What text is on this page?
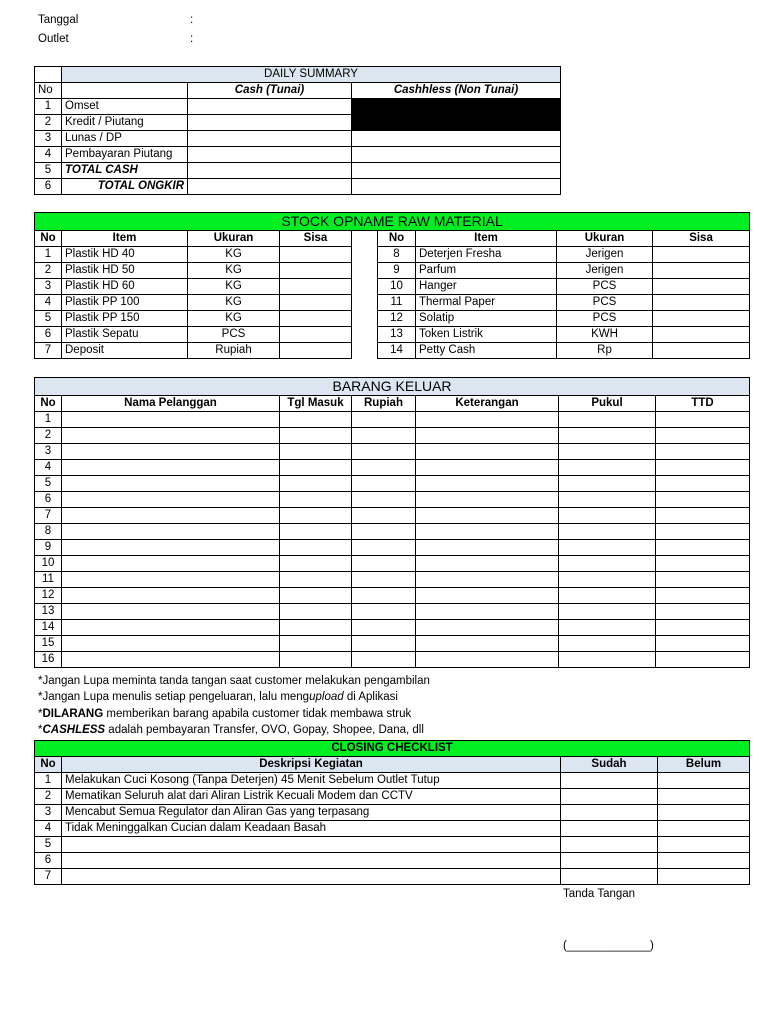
Tanggal	:
Outlet	:
	DAILY SUMMARY		
No		Cash (Tunai)	Cashhless (Non Tunai)
1	Omset		
2	Kredit / Piutang		
3	Lunas / DP		
4	Pembayaran Piutang		
5	TOTAL CASH		
6	TOTAL ONGKIR		
STOCK OPNAME RAW MATERIAL								
No	Item	Ukuran	Sisa		No	Item	Ukuran	Sisa
1	Plastik HD 40	KG			8	Deterjen Fresha	Jerigen	
2	Plastik HD 50	KG			9	Parfum	Jerigen	
3	Plastik HD 60	KG			10	Hanger	PCS	
4	Plastik PP 100	KG			11	Thermal Paper	PCS	
5	Plastik PP 150	KG			12	Solatip	PCS	
6	Plastik Sepatu	PCS			13	Token Listrik	KWH	
7	Deposit	Rupiah			14	Petty Cash	Rp	
BARANG KELUAR						
No	Nama Pelanggan	Tgl Masuk	Rupiah	Keterangan	Pukul	TTD
1						
2						
3						
4						
5						
6						
7						
8						
9						
10						
11						
12						
13						
14						
15						
16						
*Jangan Lupa meminta tanda tangan saat customer melakukan pengambilan
*Jangan Lupa menulis setiap pengeluaran, lalu mengupload di Aplikasi
*DILARANG memberikan barang apabila customer tidak membawa struk
*CASHLESS adalah pembayaran Transfer, OVO, Gopay, Shopee, Dana, dll
CLOSING CHECKLIST			
No	Deskripsi Kegiatan	Sudah	Belum
1	Melakukan Cuci Kosong (Tanpa Deterjen) 45 Menit Sebelum Outlet Tutup		
2	Mematikan Seluruh alat dari Aliran Listrik Kecuali Modem dan CCTV		
3	Mencabut Semua Regulator dan Aliran Gas yang terpasang		
4	Tidak Meninggalkan Cucian dalam Keadaan Basah		
5			
6			
7			
Tanda Tangan
(_____________)
